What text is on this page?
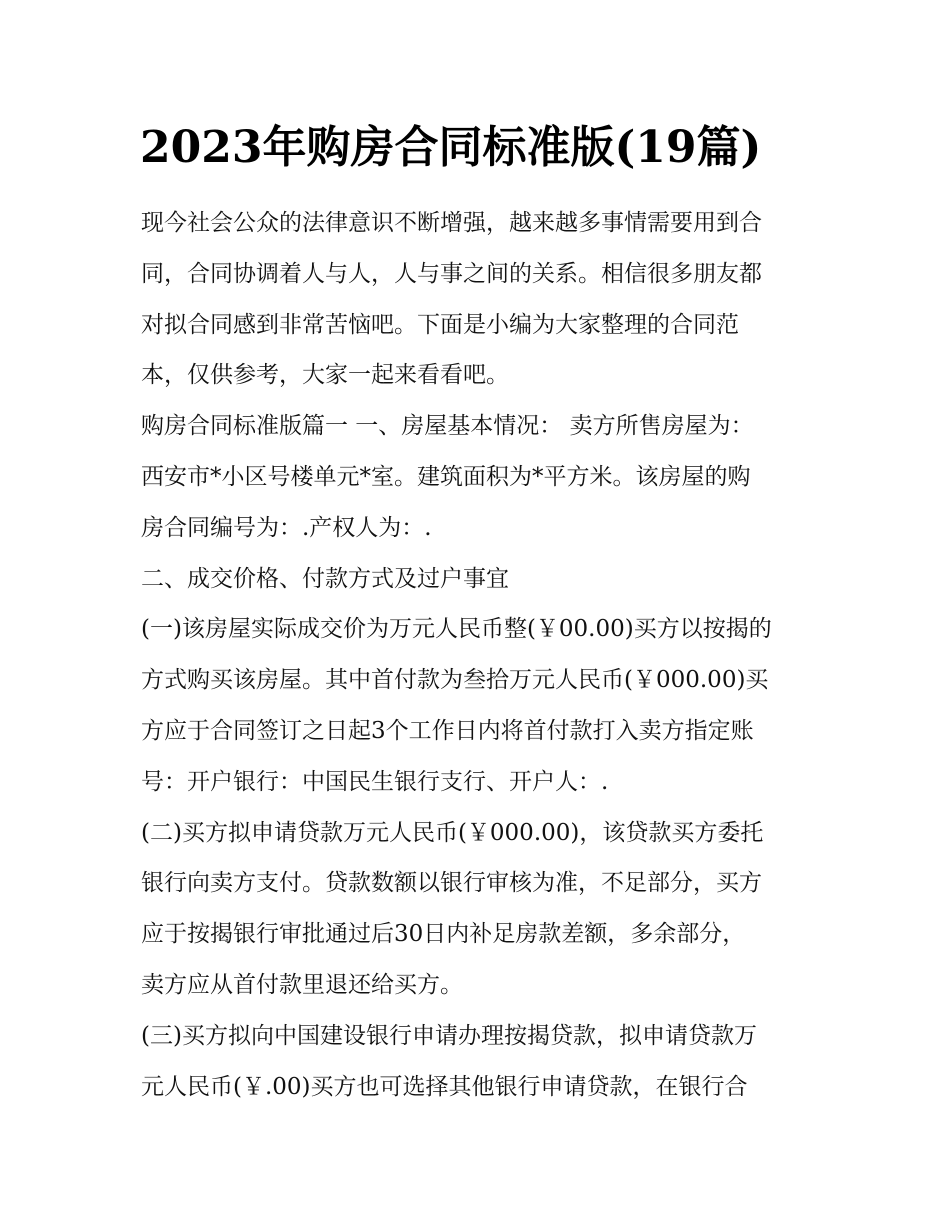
2023年购房合同标准版(19篇)
现今社会公众的法律意识不断增强，越来越多事情需要用到合
同，合同协调着人与人，人与事之间的关系。相信很多朋友都
对拟合同感到非常苦恼吧。下面是小编为大家整理的合同范
本，仅供参考，大家一起来看看吧。
购房合同标准版篇一 一、房屋基本情况： 卖方所售房屋为：
西安市*小区号楼单元*室。建筑面积为*平方米。该房屋的购
房合同编号为：.产权人为：.
二、成交价格、付款方式及过户事宜
(一)该房屋实际成交价为万元人民币整(￥00.00)买方以按揭的
方式购买该房屋。其中首付款为叁拾万元人民币(￥000.00)买
方应于合同签订之日起3个工作日内将首付款打入卖方指定账
号：开户银行：中国民生银行支行、开户人：.
(二)买方拟申请贷款万元人民币(￥000.00)，该贷款买方委托
银行向卖方支付。贷款数额以银行审核为准，不足部分，买方
应于按揭银行审批通过后30日内补足房款差额，多余部分，
卖方应从首付款里退还给买方。
(三)买方拟向中国建设银行申请办理按揭贷款，拟申请贷款万
元人民币(￥.00)买方也可选择其他银行申请贷款，在银行合
